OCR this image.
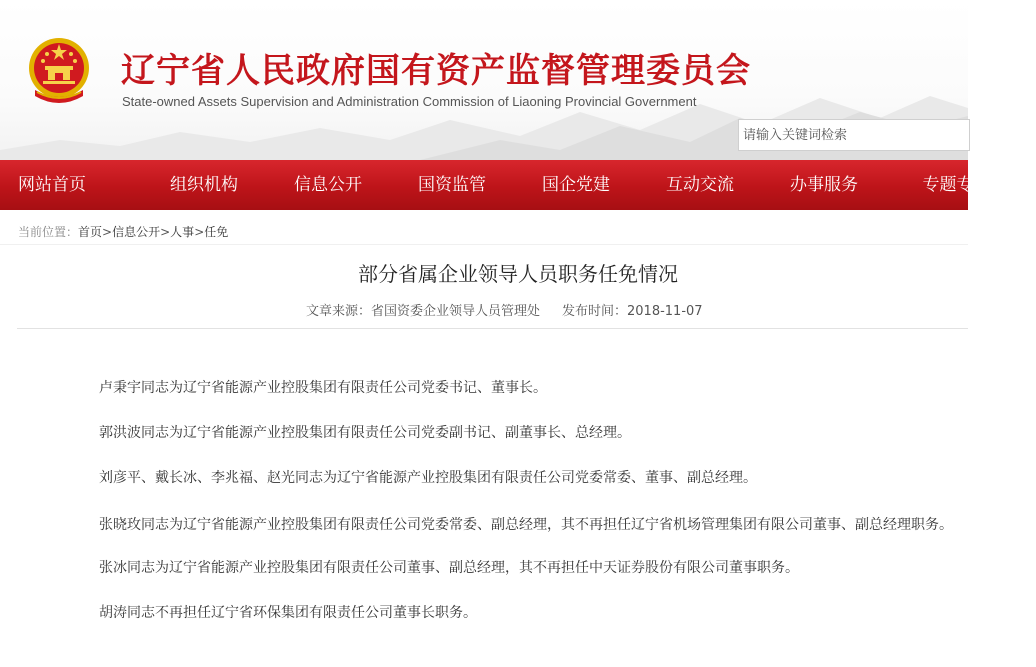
辽宁省人民政府国有资产监督管理委员会
State-owned Assets Supervision and Administration Commission of Liaoning Provincial Government
请输入关键词检索
网站首页	组织机构	信息公开	国资监管	国企党建	互动交流	办事服务	专题专
当前位置：首页>信息公开>人事>任免
部分省属企业领导人员职务任免情况
文章来源：省国资委企业领导人员管理处 发布时间：2018-11-07

卢秉宇同志为辽宁省能源产业控股集团有限责任公司党委书记、董事长。

郭洪波同志为辽宁省能源产业控股集团有限责任公司党委副书记、副董事长、总经理。

刘彦平、戴长冰、李兆福、赵光同志为辽宁省能源产业控股集团有限责任公司党委常委、董事、副总经理。

张晓玫同志为辽宁省能源产业控股集团有限责任公司党委常委、副总经理，其不再担任辽宁省机场管理集团有限公司董事、副总经理职务。

张冰同志为辽宁省能源产业控股集团有限责任公司董事、副总经理，其不再担任中天证券股份有限公司董事职务。

胡涛同志不再担任辽宁省环保集团有限责任公司董事长职务。
